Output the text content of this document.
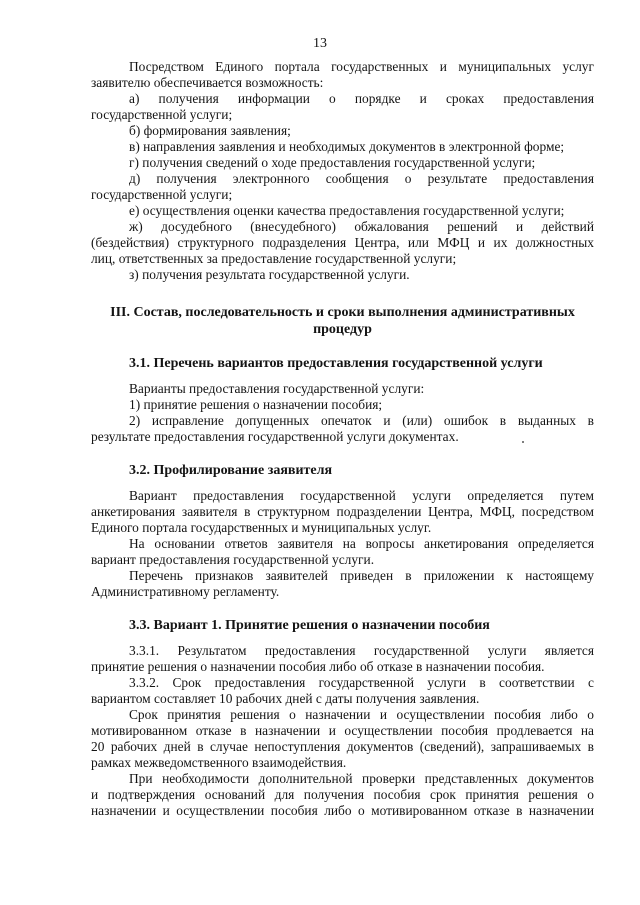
13

Посредством Единого портала государственных и муниципальных услуг

заявителю обеспечивается возможность:

а) получения информации о порядке и сроках предоставления

государственной услуги;

б) формирования заявления;

в) направления заявления и необходимых документов в электронной форме;

г) получения сведений о ходе предоставления государственной услуги;

д) получения электронного сообщения о результате предоставления

государственной услуги;

е) осуществления оценки качества предоставления государственной услуги;

ж) досудебного (внесудебного) обжалования решений и действий

(бездействия) структурного подразделения Центра, или МФЦ и их должностных

лиц, ответственных за предоставление государственной услуги;

з) получения результата государственной услуги.

III. Состав, последовательность и сроки выполнения административных

процедур

3.1. Перечень вариантов предоставления государственной услуги

Варианты предоставления государственной услуги:

1) принятие решения о назначении пособия;

2) исправление допущенных опечаток и (или) ошибок в выданных в

результате предоставления государственной услуги документах.

3.2. Профилирование заявителя

Вариант предоставления государственной услуги определяется путем

анкетирования заявителя в структурном подразделении Центра, МФЦ, посредством

Единого портала государственных и муниципальных услуг.

На основании ответов заявителя на вопросы анкетирования определяется

вариант предоставления государственной услуги.

Перечень признаков заявителей приведен в приложении к настоящему

Административному регламенту.

3.3. Вариант 1. Принятие решения о назначении пособия

3.3.1. Результатом предоставления государственной услуги является

принятие решения о назначении пособия либо об отказе в назначении пособия.

3.3.2. Срок предоставления государственной услуги в соответствии с

вариантом составляет 10 рабочих дней с даты получения заявления.

Срок принятия решения о назначении и осуществлении пособия либо о

мотивированном отказе в назначении и осуществлении пособия продлевается на

20 рабочих дней в случае непоступления документов (сведений), запрашиваемых в

рамках межведомственного взаимодействия.

При необходимости дополнительной проверки представленных документов

и подтверждения оснований для получения пособия срок принятия решения о

назначении и осуществлении пособия либо о мотивированном отказе в назначении
